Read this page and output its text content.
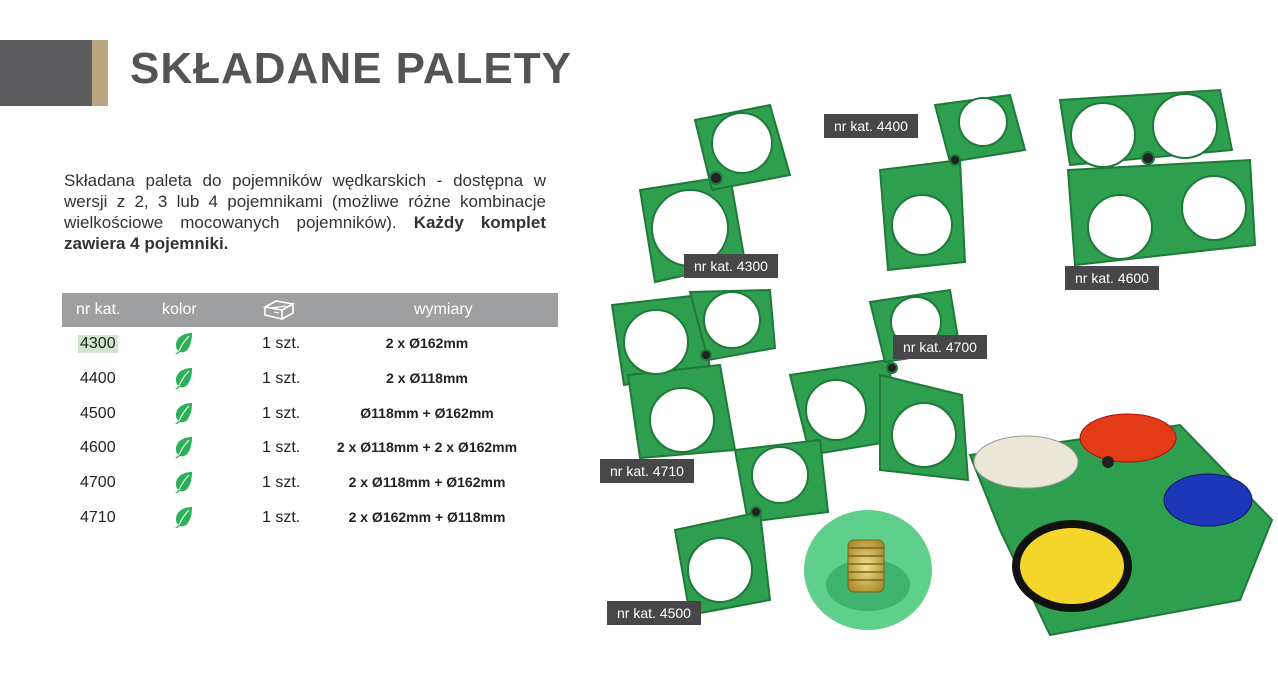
SKŁADANE PALETY
Składana paleta do pojemników wędkarskich - dostępna w wersji z 2, 3 lub 4 pojemnikami (możliwe różne kombinacje wielkościowe mocowanych pojemników). Każdy komplet zawiera 4 pojemniki.
nr kat.	kolor	wymiary
4300	1 szt.	2 x Ø162mm
4400	1 szt.	2 x Ø118mm
4500	1 szt.	Ø118mm + Ø162mm
4600	1 szt.	2 x Ø118mm + 2 x Ø162mm
4700	1 szt.	2 x Ø118mm + Ø162mm
4710	1 szt.	2 x Ø162mm + Ø118mm
nr kat. 4300
nr kat. 4400
nr kat. 4600
nr kat. 4700
nr kat. 4710
nr kat. 4500
